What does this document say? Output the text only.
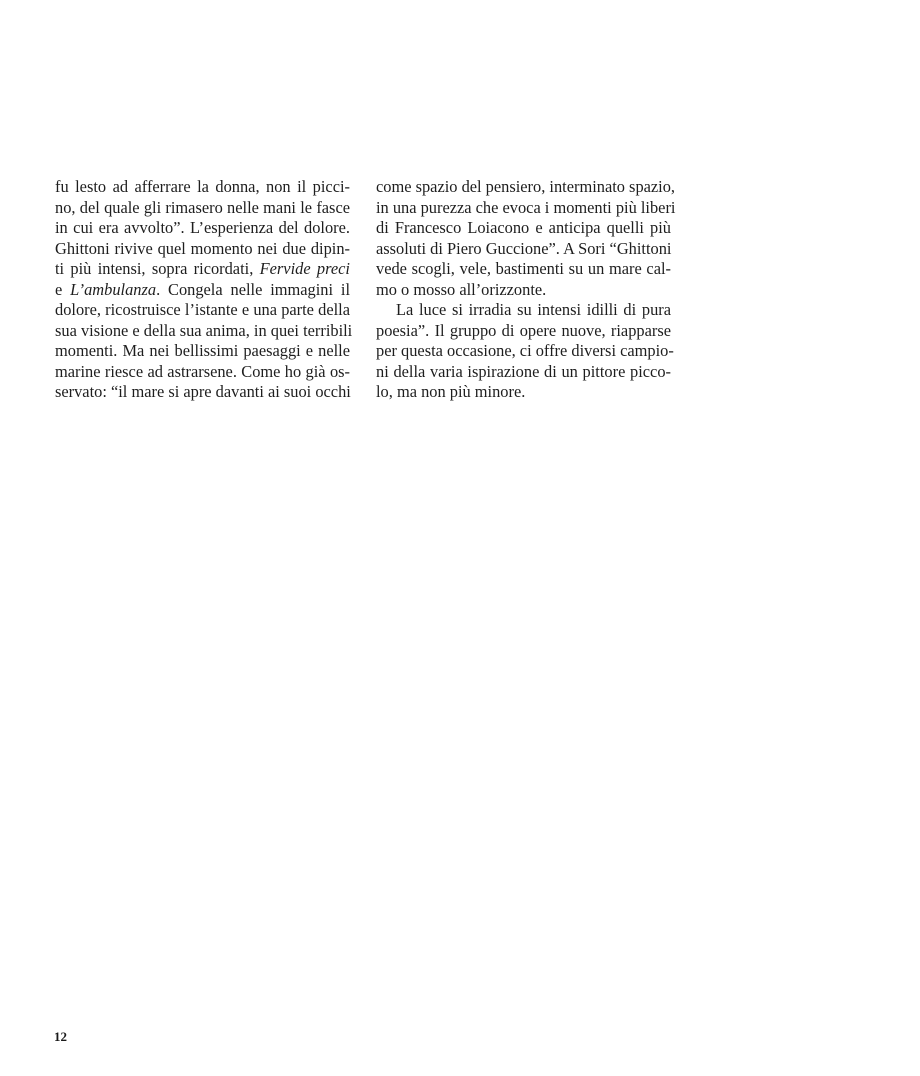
fu lesto ad afferrare la donna, non il picci-
no, del quale gli rimasero nelle mani le fasce
in cui era avvolto”. L’esperienza del dolore.
Ghittoni rivive quel momento nei due dipin-
ti più intensi, sopra ricordati, Fervide preci
e L’ambulanza. Congela nelle immagini il
dolore, ricostruisce l’istante e una parte della
sua visione e della sua anima, in quei terribili
momenti. Ma nei bellissimi paesaggi e nelle
marine riesce ad astrarsene. Come ho già os-
servato: “il mare si apre davanti ai suoi occhi
come spazio del pensiero, interminato spazio,
in una purezza che evoca i momenti più liberi
di Francesco Loiacono e anticipa quelli più
assoluti di Piero Guccione”. A Sori “Ghittoni
vede scogli, vele, bastimenti su un mare cal-
mo o mosso all’orizzonte.
La luce si irradia su intensi idilli di pura
poesia”. Il gruppo di opere nuove, riapparse
per questa occasione, ci offre diversi campio-
ni della varia ispirazione di un pittore picco-
lo, ma non più minore.
12
